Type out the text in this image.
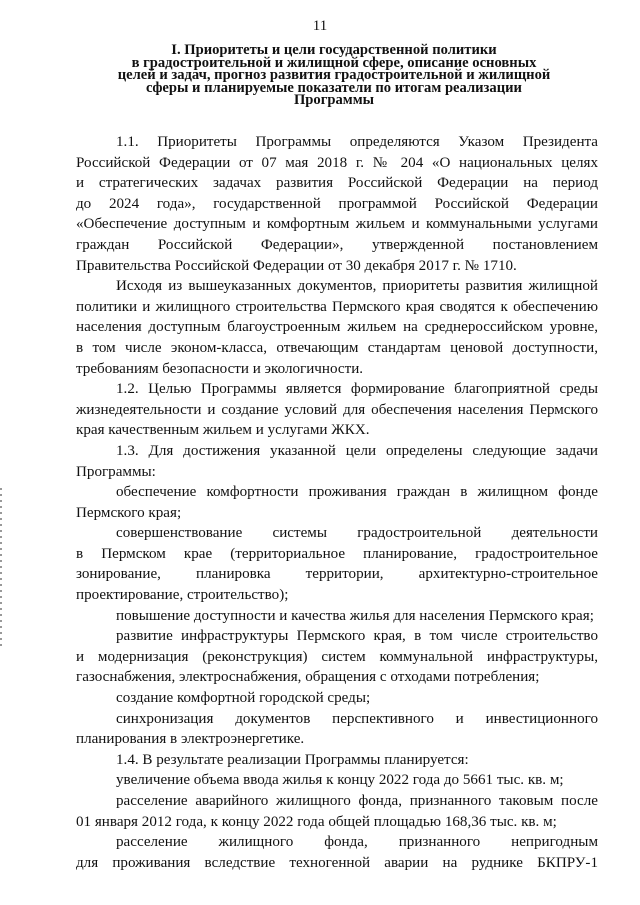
11
I. Приоритеты и цели государственной политики
в градостроительной и жилищной сфере, описание основных
целей и задач, прогноз развития градостроительной и жилищной
сферы и планируемые показатели по итогам реализации
Программы
1.1. Приоритеты Программы определяются Указом Президента
Российской Федерации от 07 мая 2018 г. № 204 «О национальных целях
и стратегических задачах развития Российской Федерации на период
до 2024 года», государственной программой Российской Федерации
«Обеспечение доступным и комфортным жильем и коммунальными услугами
граждан Российской Федерации», утвержденной постановлением
Правительства Российской Федерации от 30 декабря 2017 г. № 1710.
Исходя из вышеуказанных документов, приоритеты развития жилищной
политики и жилищного строительства Пермского края сводятся к обеспечению
населения доступным благоустроенным жильем на среднероссийском уровне,
в том числе эконом-класса, отвечающим стандартам ценовой доступности,
требованиям безопасности и экологичности.
1.2. Целью Программы является формирование благоприятной среды
жизнедеятельности и создание условий для обеспечения населения Пермского
края качественным жильем и услугами ЖКХ.
1.3. Для достижения указанной цели определены следующие задачи
Программы:
обеспечение комфортности проживания граждан в жилищном фонде
Пермского края;
совершенствование системы градостроительной деятельности
в Пермском крае (территориальное планирование, градостроительное
зонирование, планировка территории, архитектурно-строительное
проектирование, строительство);
повышение доступности и качества жилья для населения Пермского края;
развитие инфраструктуры Пермского края, в том числе строительство
и модернизация (реконструкция) систем коммунальной инфраструктуры,
газоснабжения, электроснабжения, обращения с отходами потребления;
создание комфортной городской среды;
синхронизация документов перспективного и инвестиционного
планирования в электроэнергетике.
1.4. В результате реализации Программы планируется:
увеличение объема ввода жилья к концу 2022 года до 5661 тыс. кв. м;
расселение аварийного жилищного фонда, признанного таковым после
01 января 2012 года, к концу 2022 года общей площадью 168,36 тыс. кв. м;
расселение жилищного фонда, признанного непригодным
для проживания вследствие техногенной аварии на руднике БКПРУ-1
